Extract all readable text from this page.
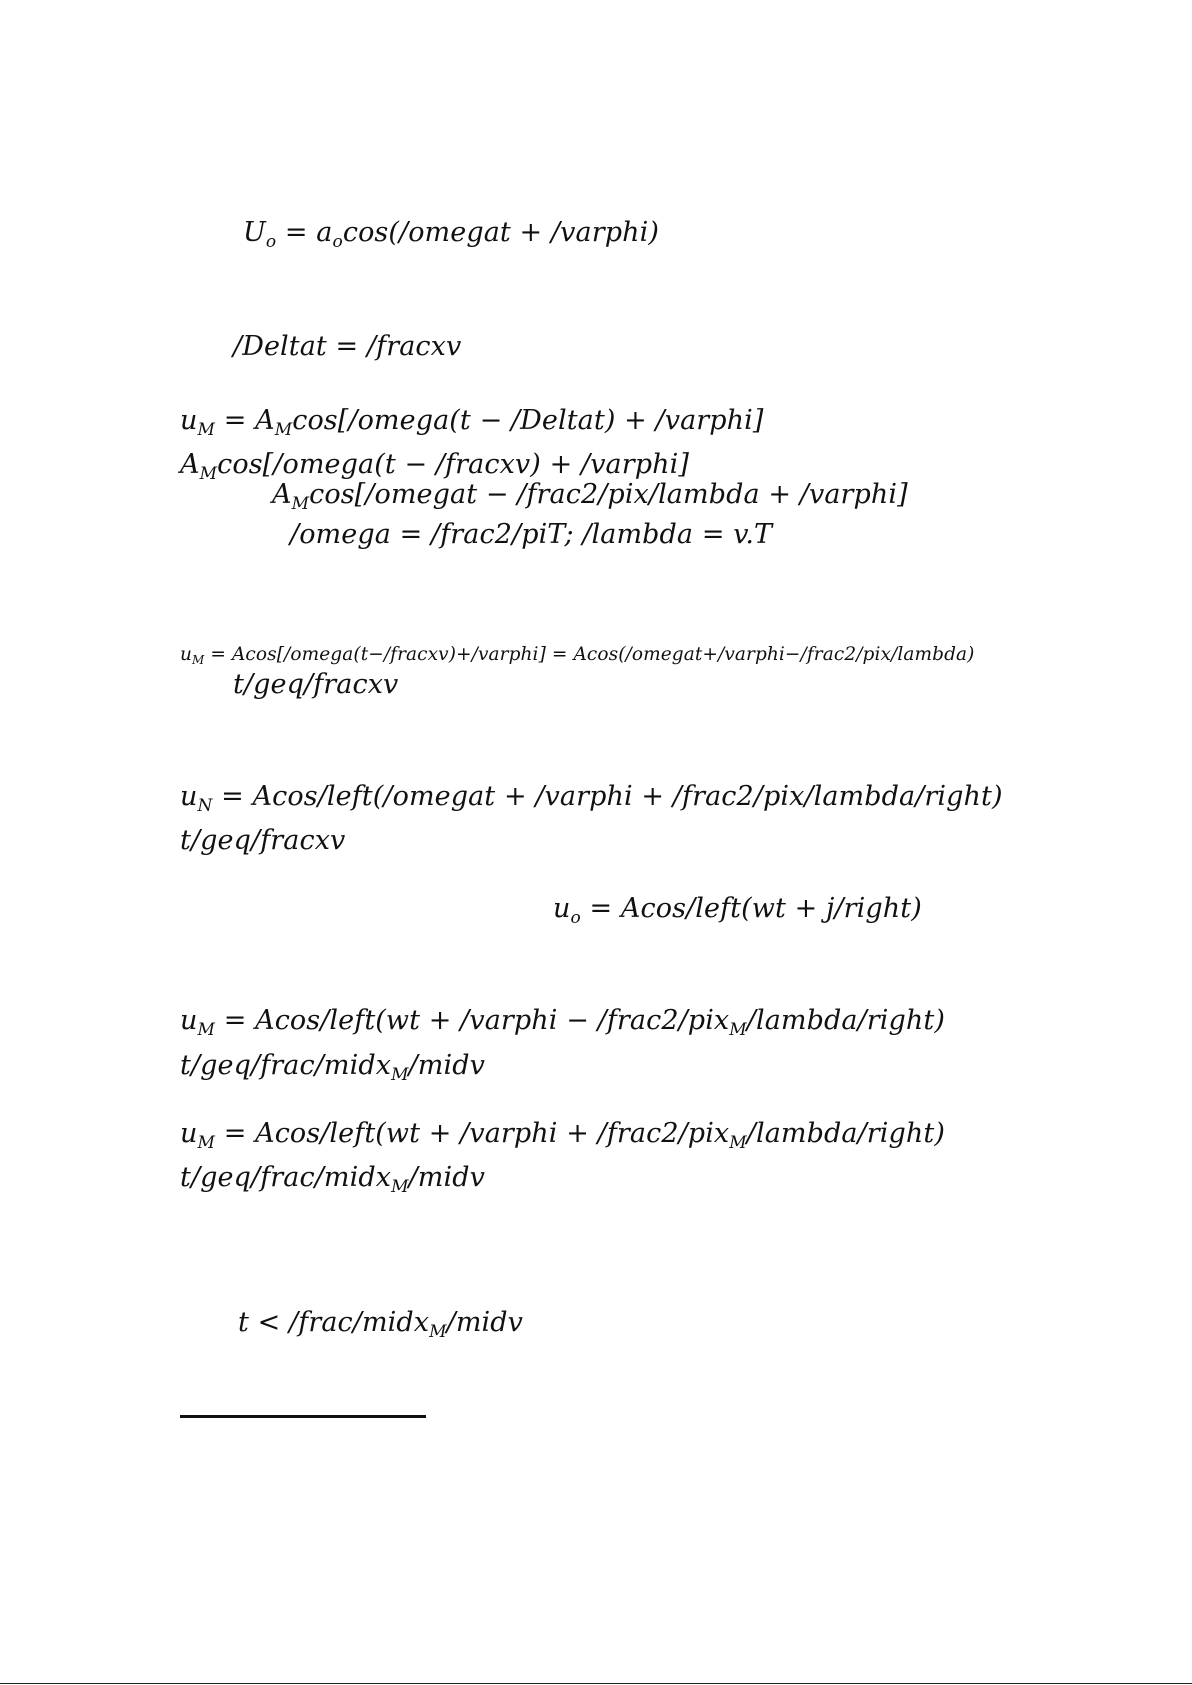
$U_o$ = $a_o\cos$(/omegat + /varphi)
/Deltat = /fracxv
$u_M$ = $A_M\cos[/omega(t$ − /Deltat) + /varphi]
$A_M\cos[/omega(t$ − /fracxv) + /varphi]
$A_M\cos$[/omegat − /frac2/pix/lambda + /varphi]
/omega = /frac2/piT; /lambda = v.T
$u_M$ = Acos[/omega(t−/fracxv)+/varphi] = Acos(/omegat+/varphi−/frac2/pix/lambda)
t/geq/fracxv
$u_N$ = Acos/left(/omegat + /varphi + /frac2/pix/lambda/right)
t/geq/fracxv
$u_o$ = Acos/left(wt + j/right)
$u_M$ = Acos/left(wt + /varphi − /frac2/pix$_M$/lambda/right)
t/geq/frac/midx$_M$/midv
$u_M$ = Acos/left(wt + /varphi + /frac2/pix$_M$/lambda/right)
t/geq/frac/midx$_M$/midv
t < /frac/midx$_M$/midv
